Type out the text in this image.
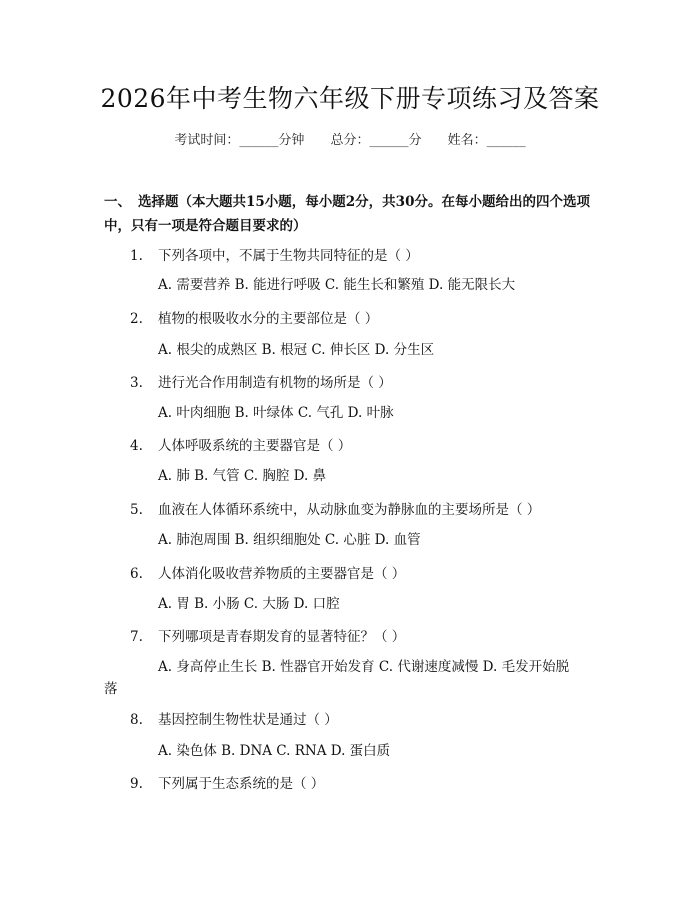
2026年中考生物六年级下册专项练习及答案
考试时间：______分钟 总分：______分 姓名：______
一、 选择题（本大题共15小题，每小题2分，共30分。在每小题给出的四个选项中，只有一项是符合题目要求的）
1. 下列各项中，不属于生物共同特征的是（ ）
A. 需要营养 B. 能进行呼吸 C. 能生长和繁殖 D. 能无限长大
2. 植物的根吸收水分的主要部位是（ ）
A. 根尖的成熟区 B. 根冠 C. 伸长区 D. 分生区
3. 进行光合作用制造有机物的场所是（ ）
A. 叶肉细胞 B. 叶绿体 C. 气孔 D. 叶脉
4. 人体呼吸系统的主要器官是（ ）
A. 肺 B. 气管 C. 胸腔 D. 鼻
5. 血液在人体循环系统中，从动脉血变为静脉血的主要场所是（ ）
A. 肺泡周围 B. 组织细胞处 C. 心脏 D. 血管
6. 人体消化吸收营养物质的主要器官是（ ）
A. 胃 B. 小肠 C. 大肠 D. 口腔
7. 下列哪项是青春期发育的显著特征？（ ）
A. 身高停止生长 B. 性器官开始发育 C. 代谢速度减慢 D. 毛发开始脱
落
8. 基因控制生物性状是通过（ ）
A. 染色体 B. DNA C. RNA D. 蛋白质
9. 下列属于生态系统的是（ ）
